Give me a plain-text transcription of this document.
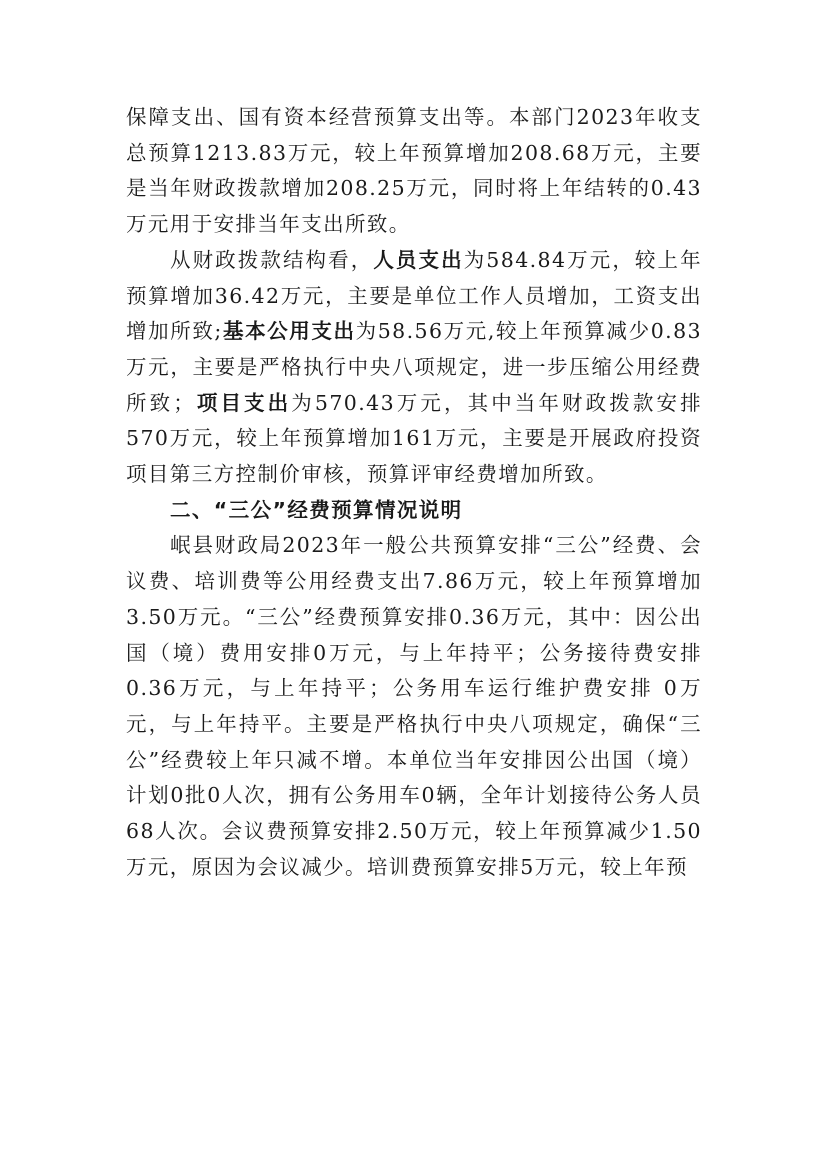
保障支出、国有资本经营预算支出等。本部门2023年收支总预算1213.83万元，较上年预算增加208.68万元，主要是当年财政拨款增加208.25万元，同时将上年结转的0.43万元用于安排当年支出所致。

从财政拨款结构看，人员支出为584.84万元，较上年预算增加36.42万元，主要是单位工作人员增加，工资支出增加所致;基本公用支出为58.56万元,较上年预算减少0.83万元，主要是严格执行中央八项规定，进一步压缩公用经费所致；项目支出为570.43万元，其中当年财政拨款安排570万元，较上年预算增加161万元，主要是开展政府投资项目第三方控制价审核，预算评审经费增加所致。

二、“三公”经费预算情况说明

岷县财政局2023年一般公共预算安排“三公”经费、会议费、培训费等公用经费支出7.86万元，较上年预算增加3.50万元。“三公”经费预算安排0.36万元，其中：因公出国（境）费用安排0万元，与上年持平；公务接待费安排0.36万元，与上年持平；公务用车运行维护费安排 0万元，与上年持平。主要是严格执行中央八项规定，确保“三公”经费较上年只减不增。本单位当年安排因公出国（境）计划0批0人次，拥有公务用车0辆，全年计划接待公务人员68人次。会议费预算安排2.50万元，较上年预算减少1.50万元，原因为会议减少。培训费预算安排5万元，较上年预
